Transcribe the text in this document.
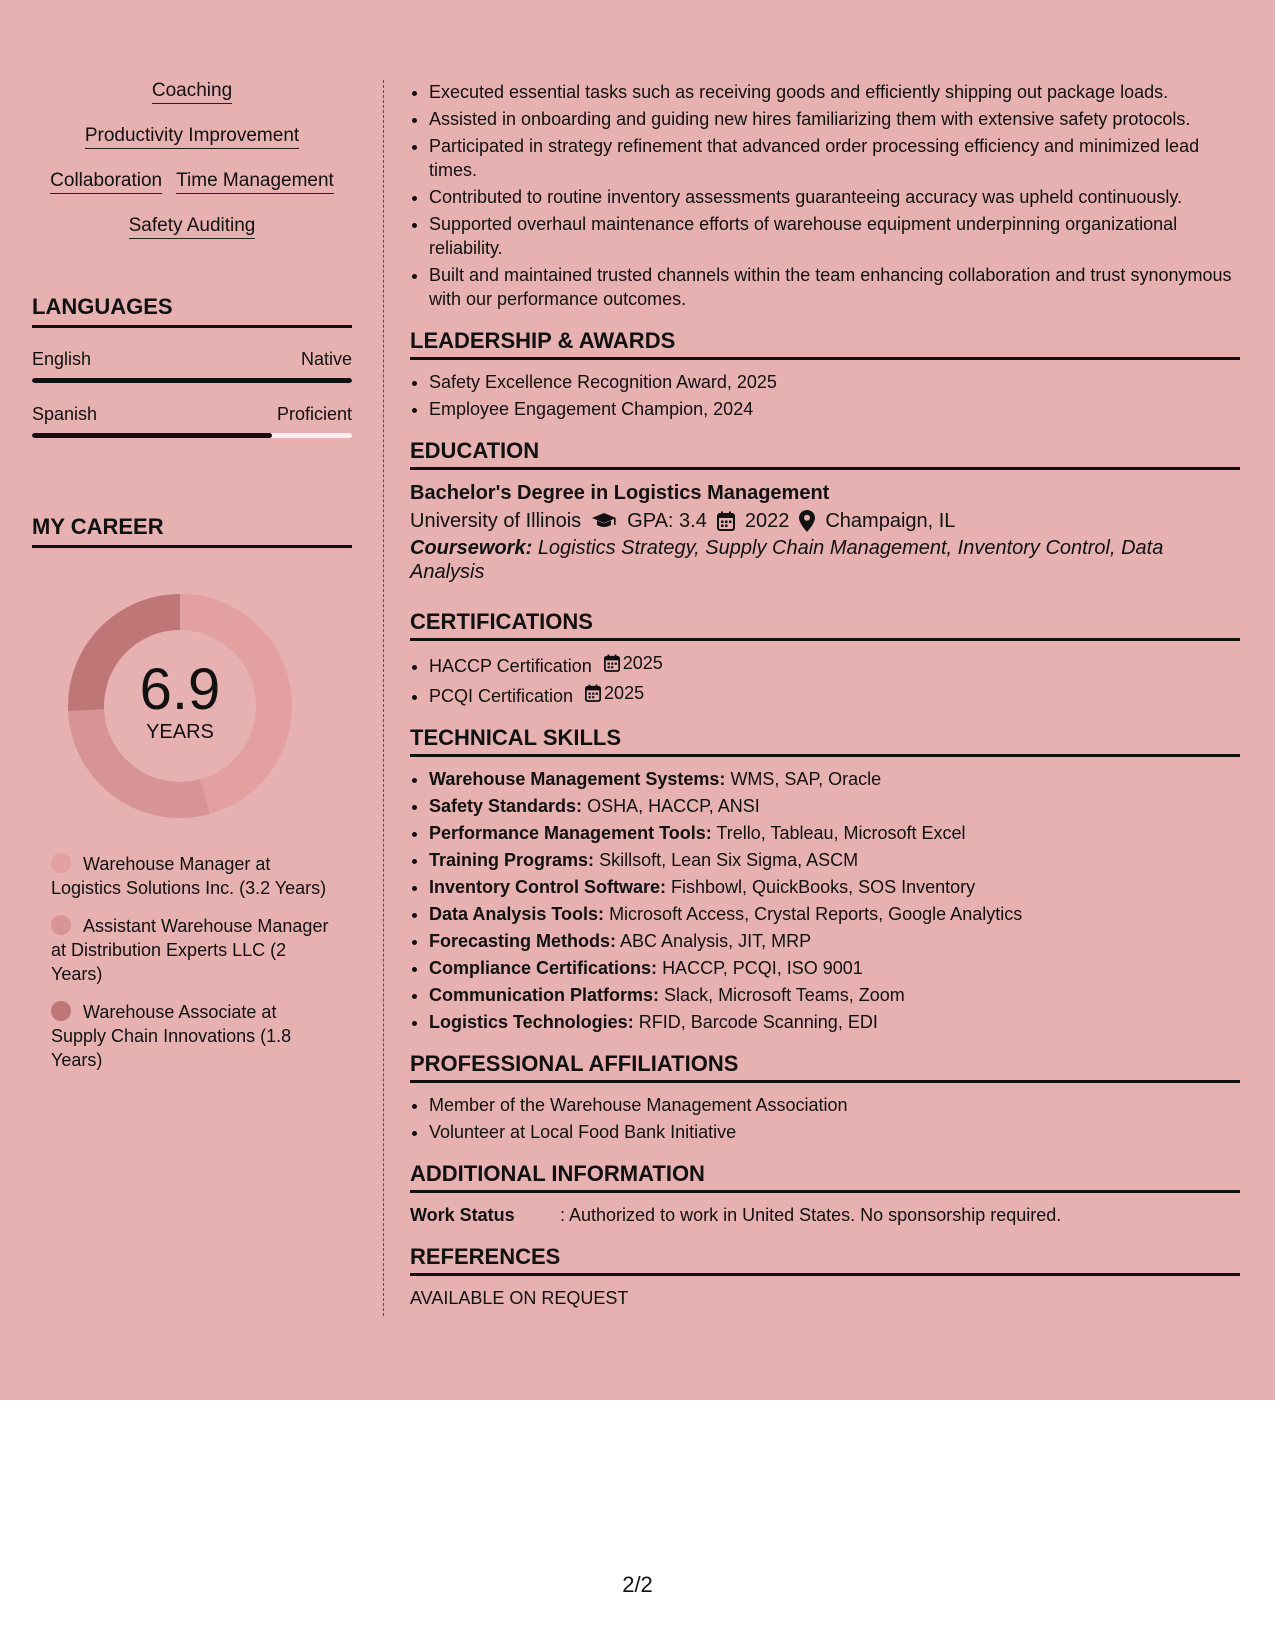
Coaching
Productivity Improvement
Collaboration Time Management
Safety Auditing
LANGUAGES
English	Native
Spanish	Proficient
MY CAREER
6.9
YEARS
Warehouse Manager at Logistics Solutions Inc. (3.2 Years)
Assistant Warehouse Manager at Distribution Experts LLC (2 Years)
Warehouse Associate at Supply Chain Innovations (1.8 Years)
• Executed essential tasks such as receiving goods and efficiently shipping out package loads.
• Assisted in onboarding and guiding new hires familiarizing them with extensive safety protocols.
• Participated in strategy refinement that advanced order processing efficiency and minimized lead times.
• Contributed to routine inventory assessments guaranteeing accuracy was upheld continuously.
• Supported overhaul maintenance efforts of warehouse equipment underpinning organizational reliability.
• Built and maintained trusted channels within the team enhancing collaboration and trust synonymous with our performance outcomes.
LEADERSHIP & AWARDS
• Safety Excellence Recognition Award, 2025
• Employee Engagement Champion, 2024
EDUCATION
Bachelor's Degree in Logistics Management
University of Illinois GPA: 3.4 2022 Champaign, IL
Coursework: Logistics Strategy, Supply Chain Management, Inventory Control, Data Analysis
CERTIFICATIONS
• HACCP Certification 2025
• PCQI Certification 2025
TECHNICAL SKILLS
• Warehouse Management Systems: WMS, SAP, Oracle
• Safety Standards: OSHA, HACCP, ANSI
• Performance Management Tools: Trello, Tableau, Microsoft Excel
• Training Programs: Skillsoft, Lean Six Sigma, ASCM
• Inventory Control Software: Fishbowl, QuickBooks, SOS Inventory
• Data Analysis Tools: Microsoft Access, Crystal Reports, Google Analytics
• Forecasting Methods: ABC Analysis, JIT, MRP
• Compliance Certifications: HACCP, PCQI, ISO 9001
• Communication Platforms: Slack, Microsoft Teams, Zoom
• Logistics Technologies: RFID, Barcode Scanning, EDI
PROFESSIONAL AFFILIATIONS
• Member of the Warehouse Management Association
• Volunteer at Local Food Bank Initiative
ADDITIONAL INFORMATION
Work Status	: Authorized to work in United States. No sponsorship required.
REFERENCES
AVAILABLE ON REQUEST
2/2
